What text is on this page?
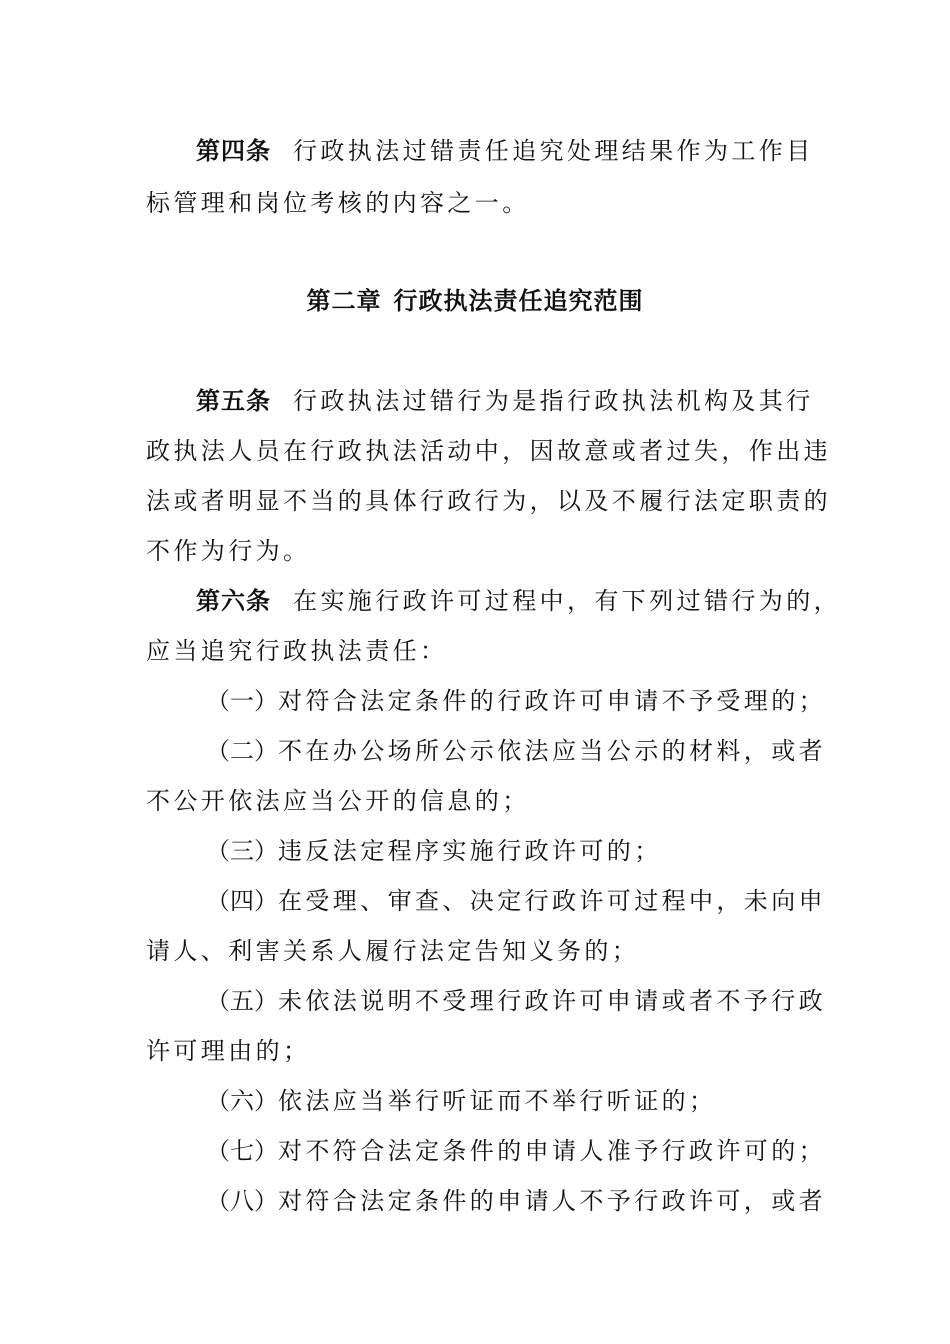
第四条 行政执法过错责任追究处理结果作为工作目
标管理和岗位考核的内容之一。
第二章 行政执法责任追究范围
第五条 行政执法过错行为是指行政执法机构及其行
政执法人员在行政执法活动中，因故意或者过失，作出违
法或者明显不当的具体行政行为，以及不履行法定职责的
不作为行为。
第六条 在实施行政许可过程中，有下列过错行为的，
应当追究行政执法责任：
（一）对符合法定条件的行政许可申请不予受理的；
（二）不在办公场所公示依法应当公示的材料，或者
不公开依法应当公开的信息的；
（三）违反法定程序实施行政许可的；
（四）在受理、审查、决定行政许可过程中，未向申
请人、利害关系人履行法定告知义务的；
（五）未依法说明不受理行政许可申请或者不予行政
许可理由的；
（六）依法应当举行听证而不举行听证的；
（七）对不符合法定条件的申请人准予行政许可的；
（八）对符合法定条件的申请人不予行政许可，或者
